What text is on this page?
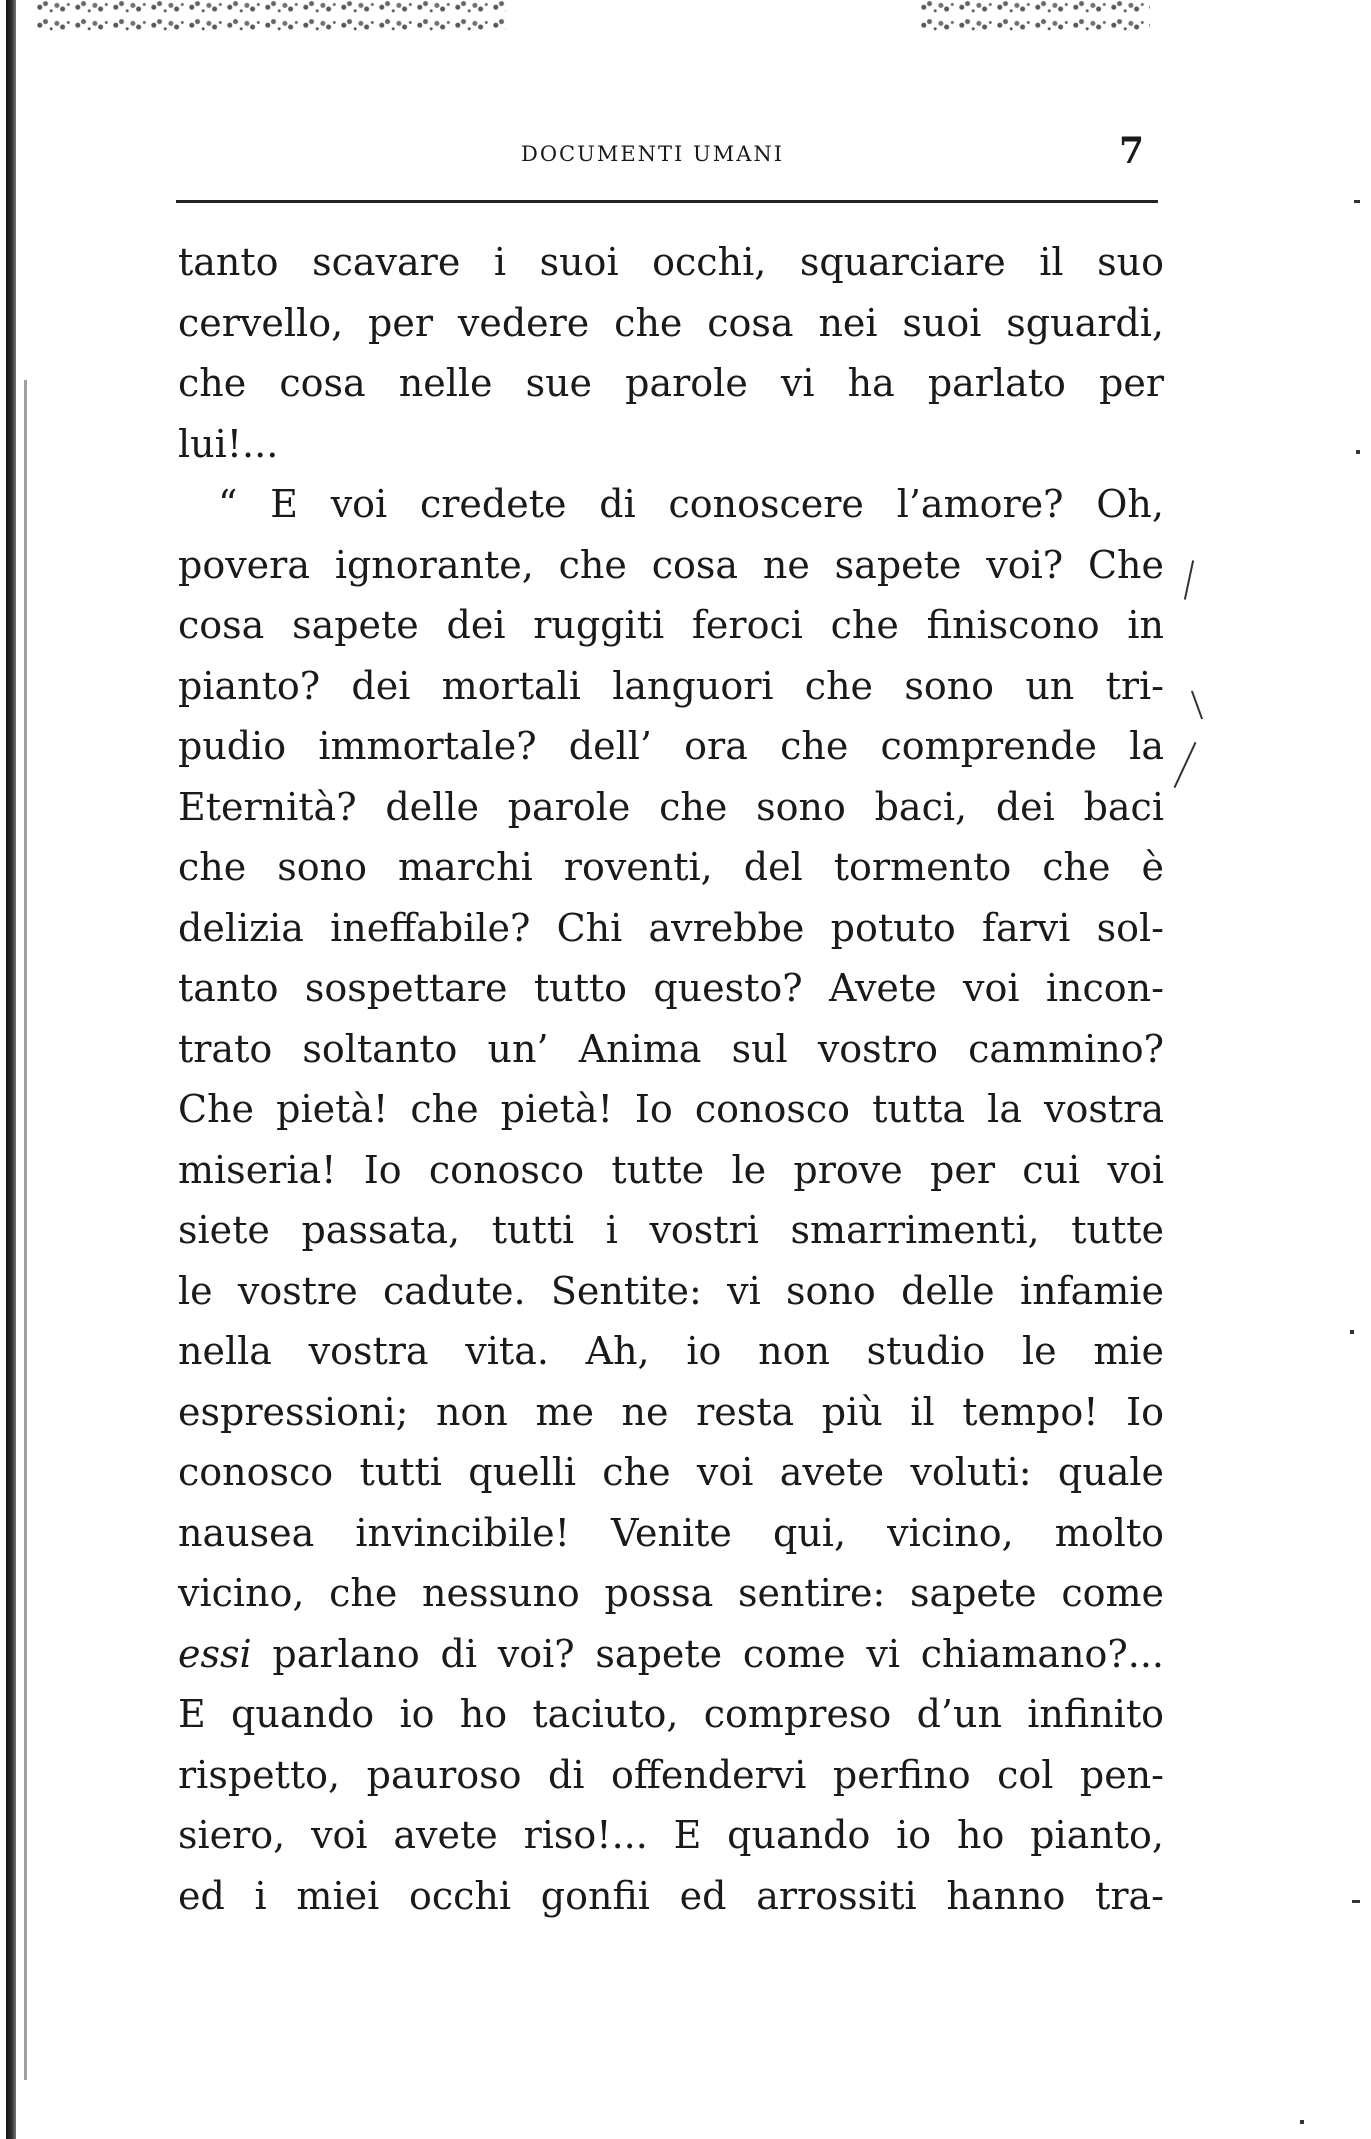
DOCUMENTI UMANI	7
tanto scavare i suoi occhi, squarciare il suo
cervello, per vedere che cosa nei suoi sguardi,
che cosa nelle sue parole vi ha parlato per
lui!...
“ E voi credete di conoscere l’amore? Oh,
povera ignorante, che cosa ne sapete voi? Che
cosa sapete dei ruggiti feroci che finiscono in
pianto? dei mortali languori che sono un tri-
pudio immortale? dell’ ora che comprende la
Eternità? delle parole che sono baci, dei baci
che sono marchi roventi, del tormento che è
delizia ineffabile? Chi avrebbe potuto farvi sol-
tanto sospettare tutto questo? Avete voi incon-
trato soltanto un’ Anima sul vostro cammino?
Che pietà! che pietà! Io conosco tutta la vostra
miseria! Io conosco tutte le prove per cui voi
siete passata, tutti i vostri smarrimenti, tutte
le vostre cadute. Sentite: vi sono delle infamie
nella vostra vita. Ah, io non studio le mie
espressioni; non me ne resta più il tempo! Io
conosco tutti quelli che voi avete voluti: quale
nausea invincibile! Venite qui, vicino, molto
vicino, che nessuno possa sentire: sapete come
essi parlano di voi? sapete come vi chiamano?...
E quando io ho taciuto, compreso d’un infinito
rispetto, pauroso di offendervi perfino col pen-
siero, voi avete riso!... E quando io ho pianto,
ed i miei occhi gonfii ed arrossiti hanno tra-
